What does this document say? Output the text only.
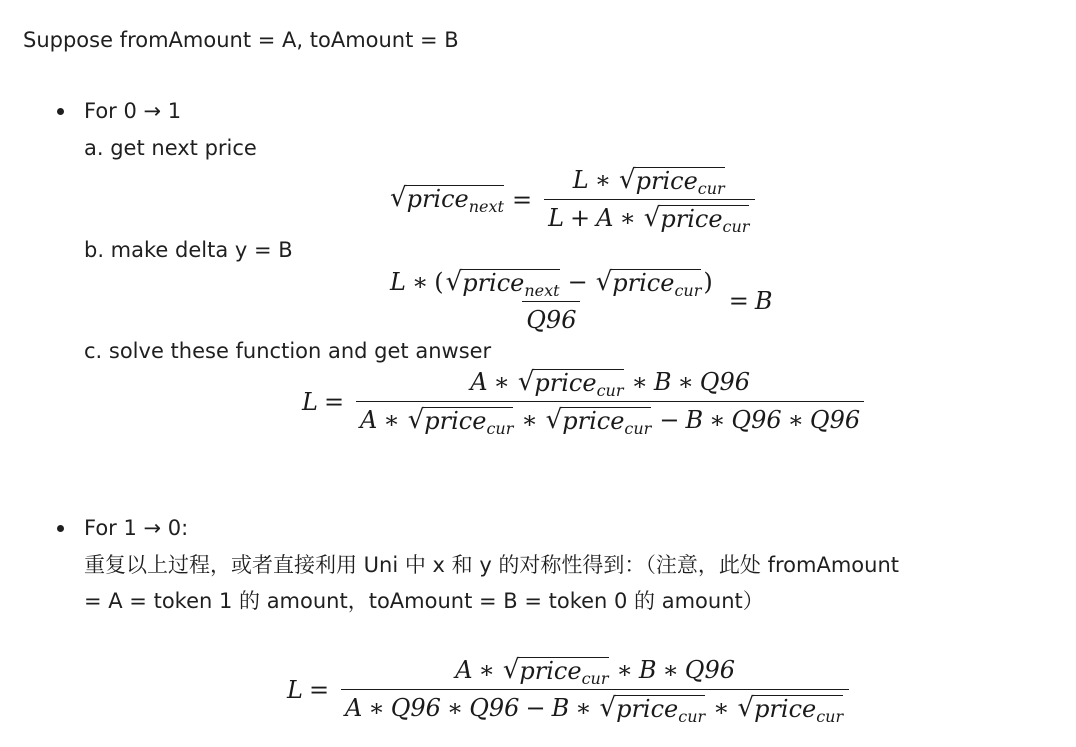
Suppose fromAmount = A, toAmount = B
For 0 → 1
a. get next price
√ price$_{next}$ = $\frac{L ∗ √ price_{cur}}{L + A ∗ √ price_{cur}}$
b. make delta y = B
$\frac{L ∗ ( √ price_{next} - √ price_{cur} )}{Q96} = B$
c. solve these function and get anwser
L =
A ∗ √ price$_{cur}$ ∗ B ∗ Q96
A ∗ √ price$_{cur}$ ∗ √ price$_{cur}$ − B ∗ Q96 ∗ Q96
For 1 → 0:
重复以上过程，或者直接利用 Uni 中 x 和 y 的对称性得到：（注意，此处 fromAmount
= A = token 1 的 amount，toAmount = B = token 0 的 amount）
L =
A ∗ √ price$_{cur}$ ∗ B ∗ Q96
A ∗ Q96 ∗ Q96 − B ∗ √ price$_{cur}$ ∗ √ price$_{cur}$
